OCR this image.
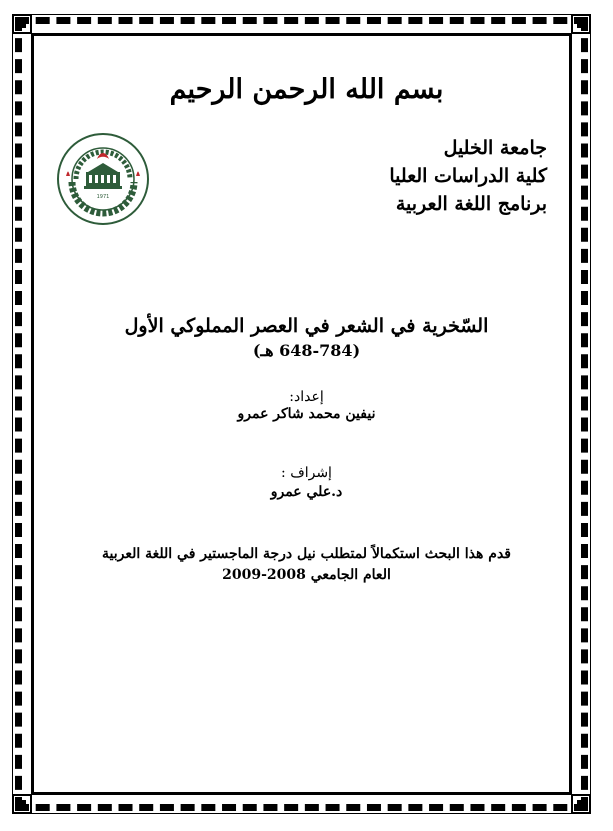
بسم الله الرحمن الرحيم
جامعة الخليل
كلية الدراسات العليا
برنامج اللغة العربية
1971
السّخرية في الشعر في العصر المملوكي الأول
(648-784 هـ)
إعداد:
نيفين محمد شاكر عمرو
إشراف :
د.علي عمرو
قدم هذا البحث استكمالاً لمتطلب نيل درجة الماجستير في اللغة العربية
العام الجامعي 2008-2009
